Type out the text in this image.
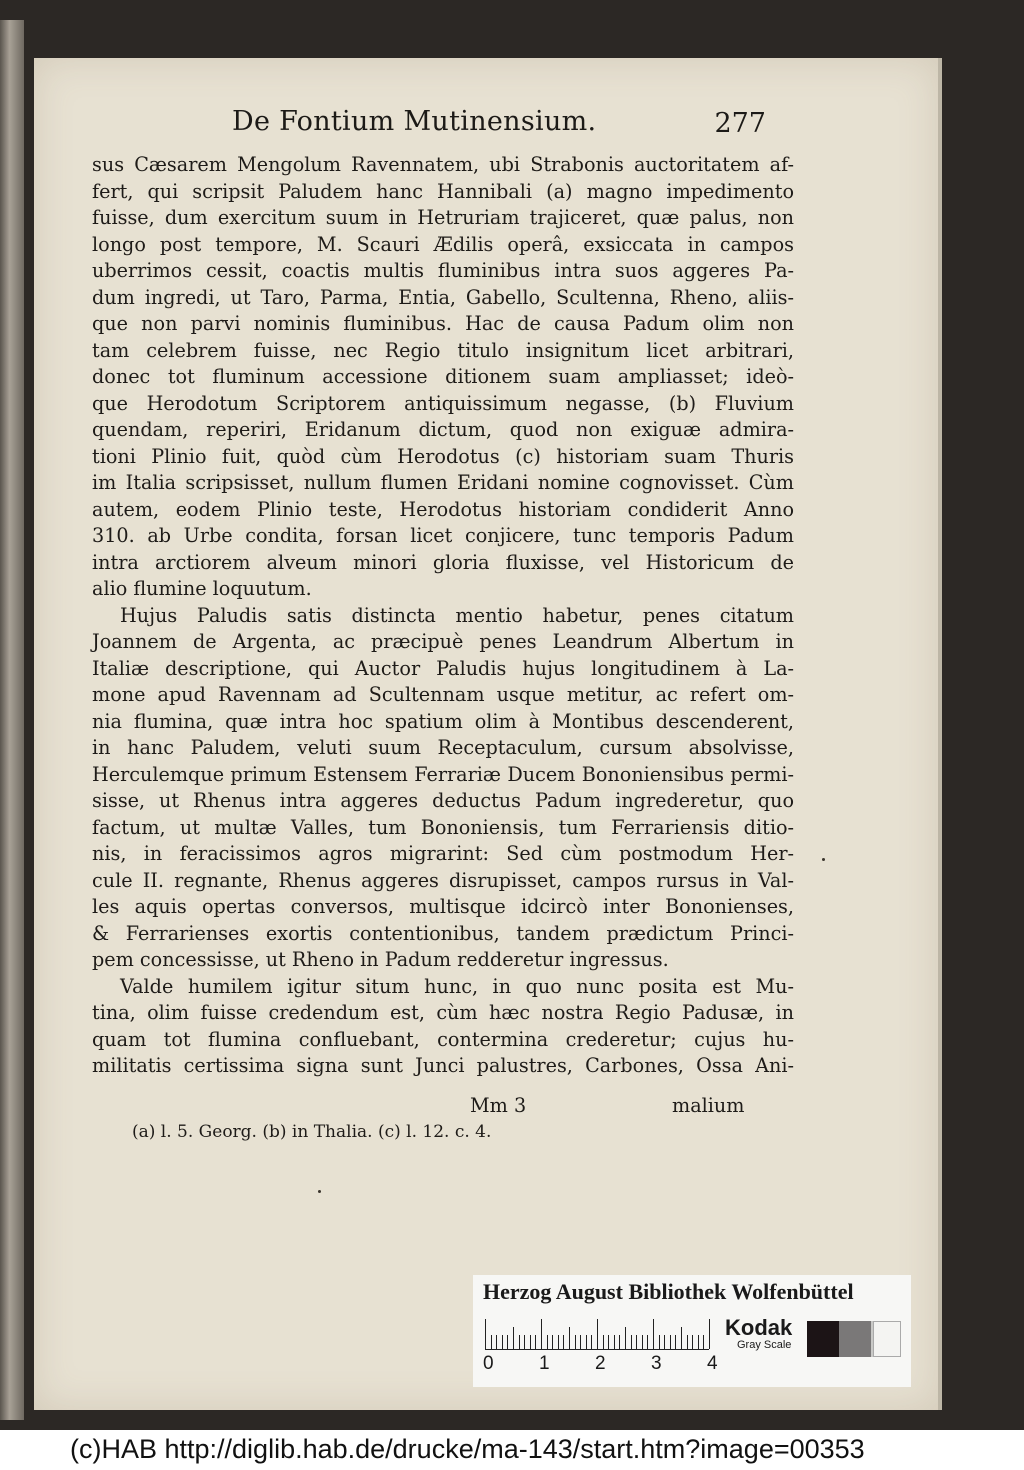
De Fontium Mutinensium.	277
sus Cæsarem Mengolum Ravennatem, ubi Strabonis auctoritatem af-
fert, qui scripsit Paludem hanc Hannibali (a) magno impedimento
fuisse, dum exercitum suum in Hetruriam trajiceret, quæ palus, non
longo post tempore, M. Scauri Ædilis operâ, exsiccata in campos
uberrimos cessit, coactis multis fluminibus intra suos aggeres Pa-
dum ingredi, ut Taro, Parma, Entia, Gabello, Scultenna, Rheno, aliis-
que non parvi nominis fluminibus. Hac de causa Padum olim non
tam celebrem fuisse, nec Regio titulo insignitum licet arbitrari,
donec tot fluminum accessione ditionem suam ampliasset; ideò-
que Herodotum Scriptorem antiquissimum negasse, (b) Fluvium
quendam, reperiri, Eridanum dictum, quod non exiguæ admira-
tioni Plinio fuit, quòd cùm Herodotus (c) historiam suam Thuris
im Italia scripsisset, nullum flumen Eridani nomine cognovisset. Cùm
autem, eodem Plinio teste, Herodotus historiam condiderit Anno
310. ab Urbe condita, forsan licet conjicere, tunc temporis Padum
intra arctiorem alveum minori gloria fluxisse, vel Historicum de
alio flumine loquutum.
Hujus Paludis satis distincta mentio habetur, penes citatum
Joannem de Argenta, ac præcipuè penes Leandrum Albertum in
Italiæ descriptione, qui Auctor Paludis hujus longitudinem à La-
mone apud Ravennam ad Scultennam usque metitur, ac refert om-
nia flumina, quæ intra hoc spatium olim à Montibus descenderent,
in hanc Paludem, veluti suum Receptaculum, cursum absolvisse,
Herculemque primum Estensem Ferrariæ Ducem Bononiensibus permi-
sisse, ut Rhenus intra aggeres deductus Padum ingrederetur, quo
factum, ut multæ Valles, tum Bononiensis, tum Ferrariensis ditio-
nis, in feracissimos agros migrarint: Sed cùm postmodum Her-
cule II. regnante, Rhenus aggeres disrupisset, campos rursus in Val-
les aquis opertas conversos, multisque idcircò inter Bononienses,
& Ferrarienses exortis contentionibus, tandem prædictum Princi-
pem concessisse, ut Rheno in Padum redderetur ingressus.
Valde humilem igitur situm hunc, in quo nunc posita est Mu-
tina, olim fuisse credendum est, cùm hæc nostra Regio Padusæ, in
quam tot flumina confluebant, contermina crederetur; cujus hu-
militatis certissima signa sunt Junci palustres, Carbones, Ossa Ani-
Mm 3	malium
(a) l. 5. Georg. (b) in Thalia. (c) l. 12. c. 4.
Herzog August Bibliothek Wolfenbüttel
0 1 2 3 4
Kodak
Gray Scale
(c)HAB http://diglib.hab.de/drucke/ma-143/start.htm?image=00353
